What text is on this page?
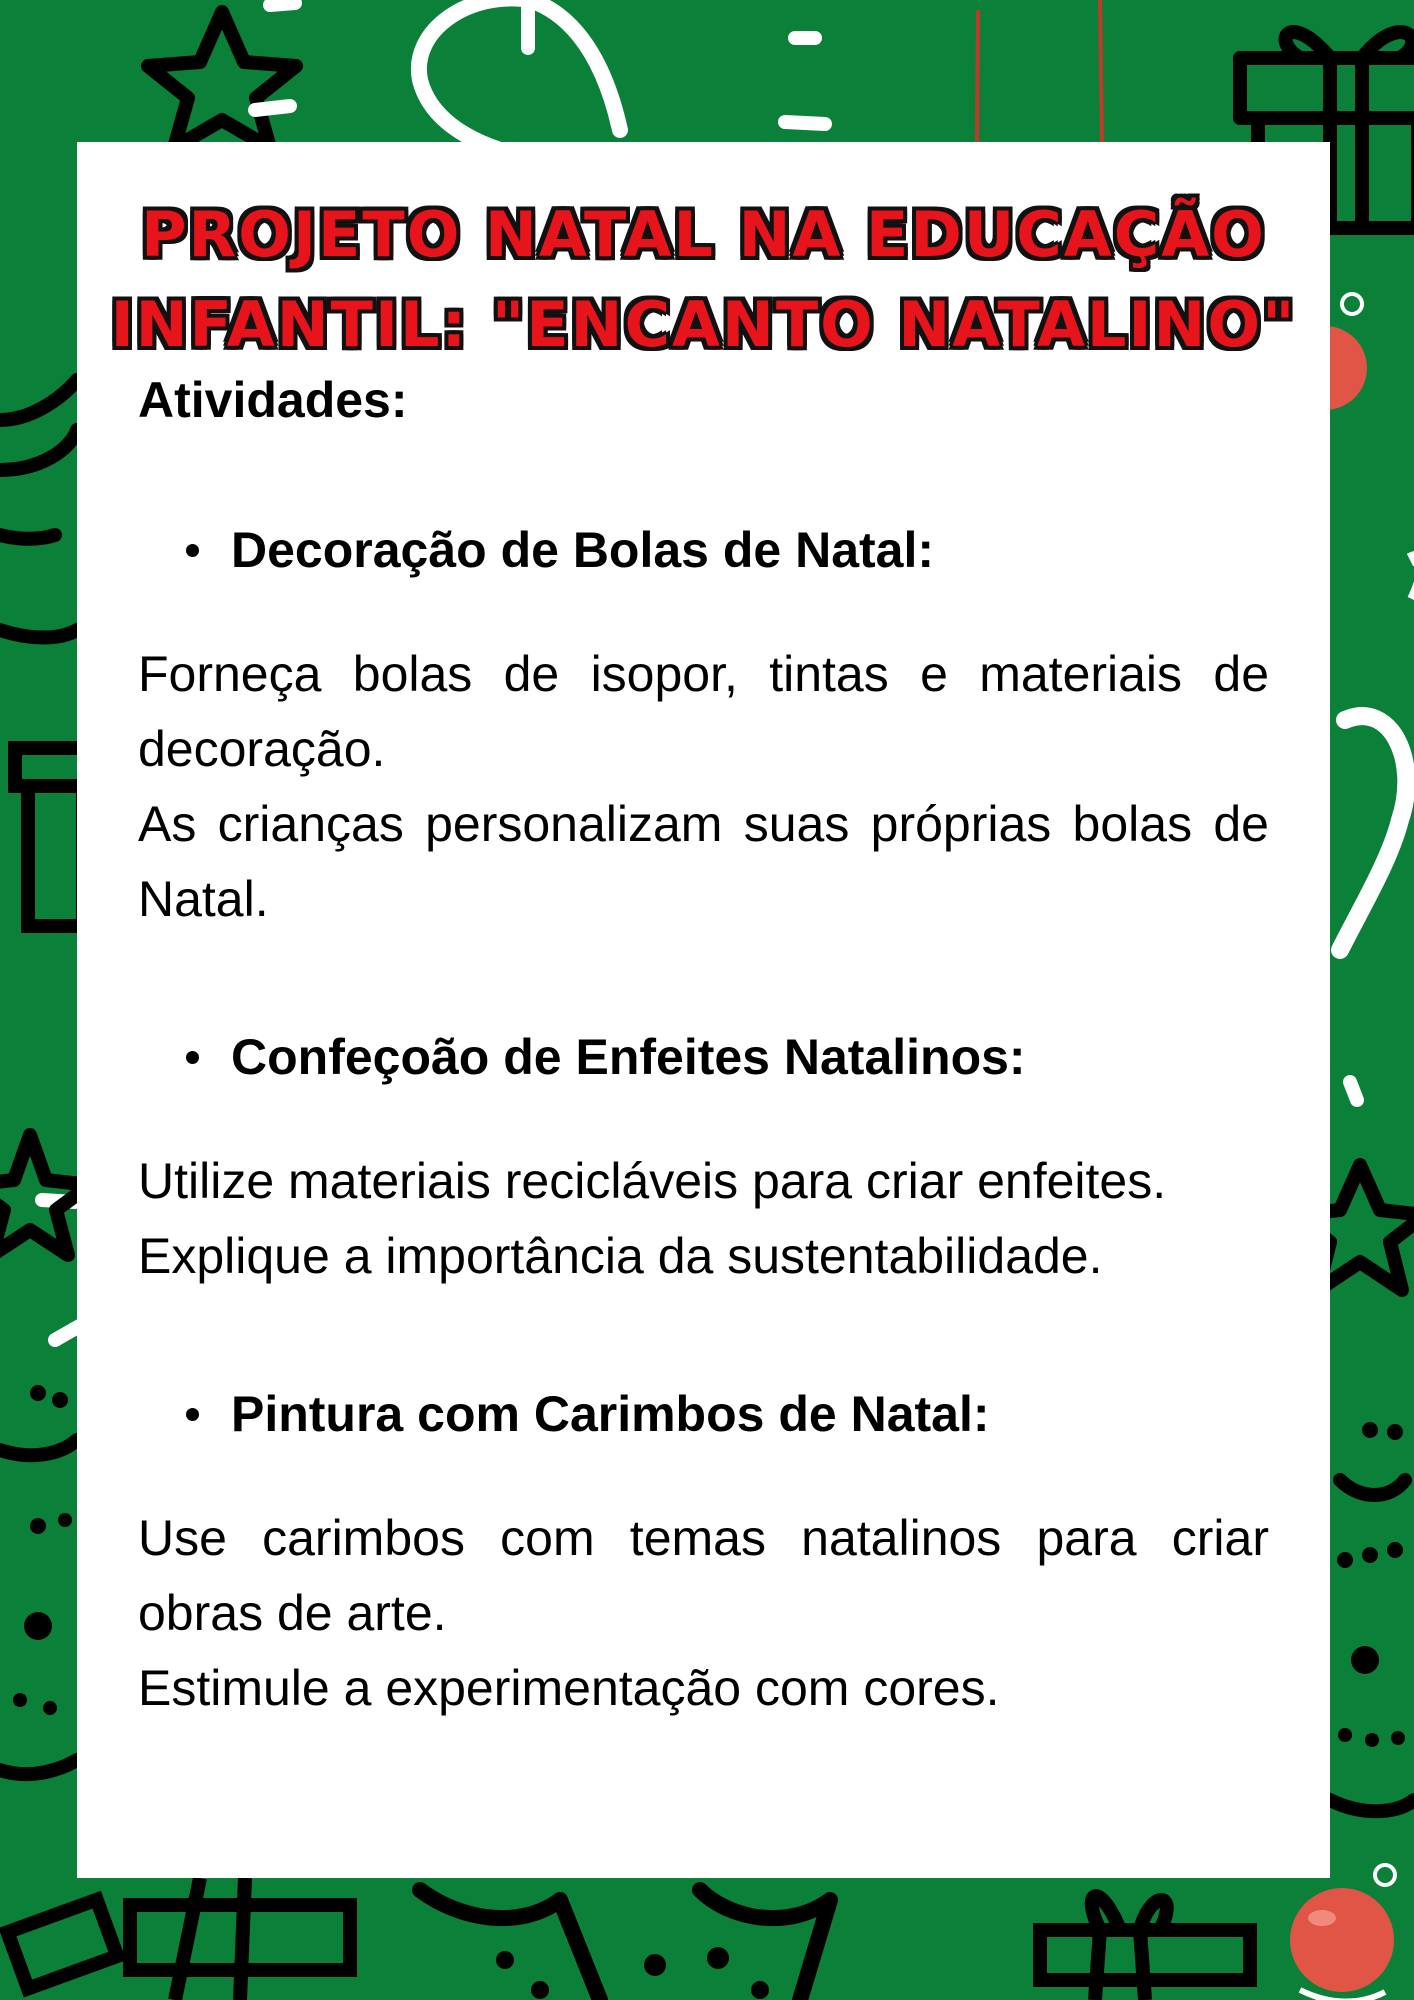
PROJETO NATAL NA EDUCAÇÃO
INFANTIL: "ENCANTO NATALINO"

Atividades:

Decoração de Bolas de Natal:

Forneça bolas de isopor, tintas e materiais de decoração.
As crianças personalizam suas próprias bolas de Natal.

Confeçoão de Enfeites Natalinos:

Utilize materiais recicláveis para criar enfeites.
Explique a importância da sustentabilidade.

Pintura com Carimbos de Natal:

Use carimbos com temas natalinos para criar obras de arte.
Estimule a experimentação com cores.
